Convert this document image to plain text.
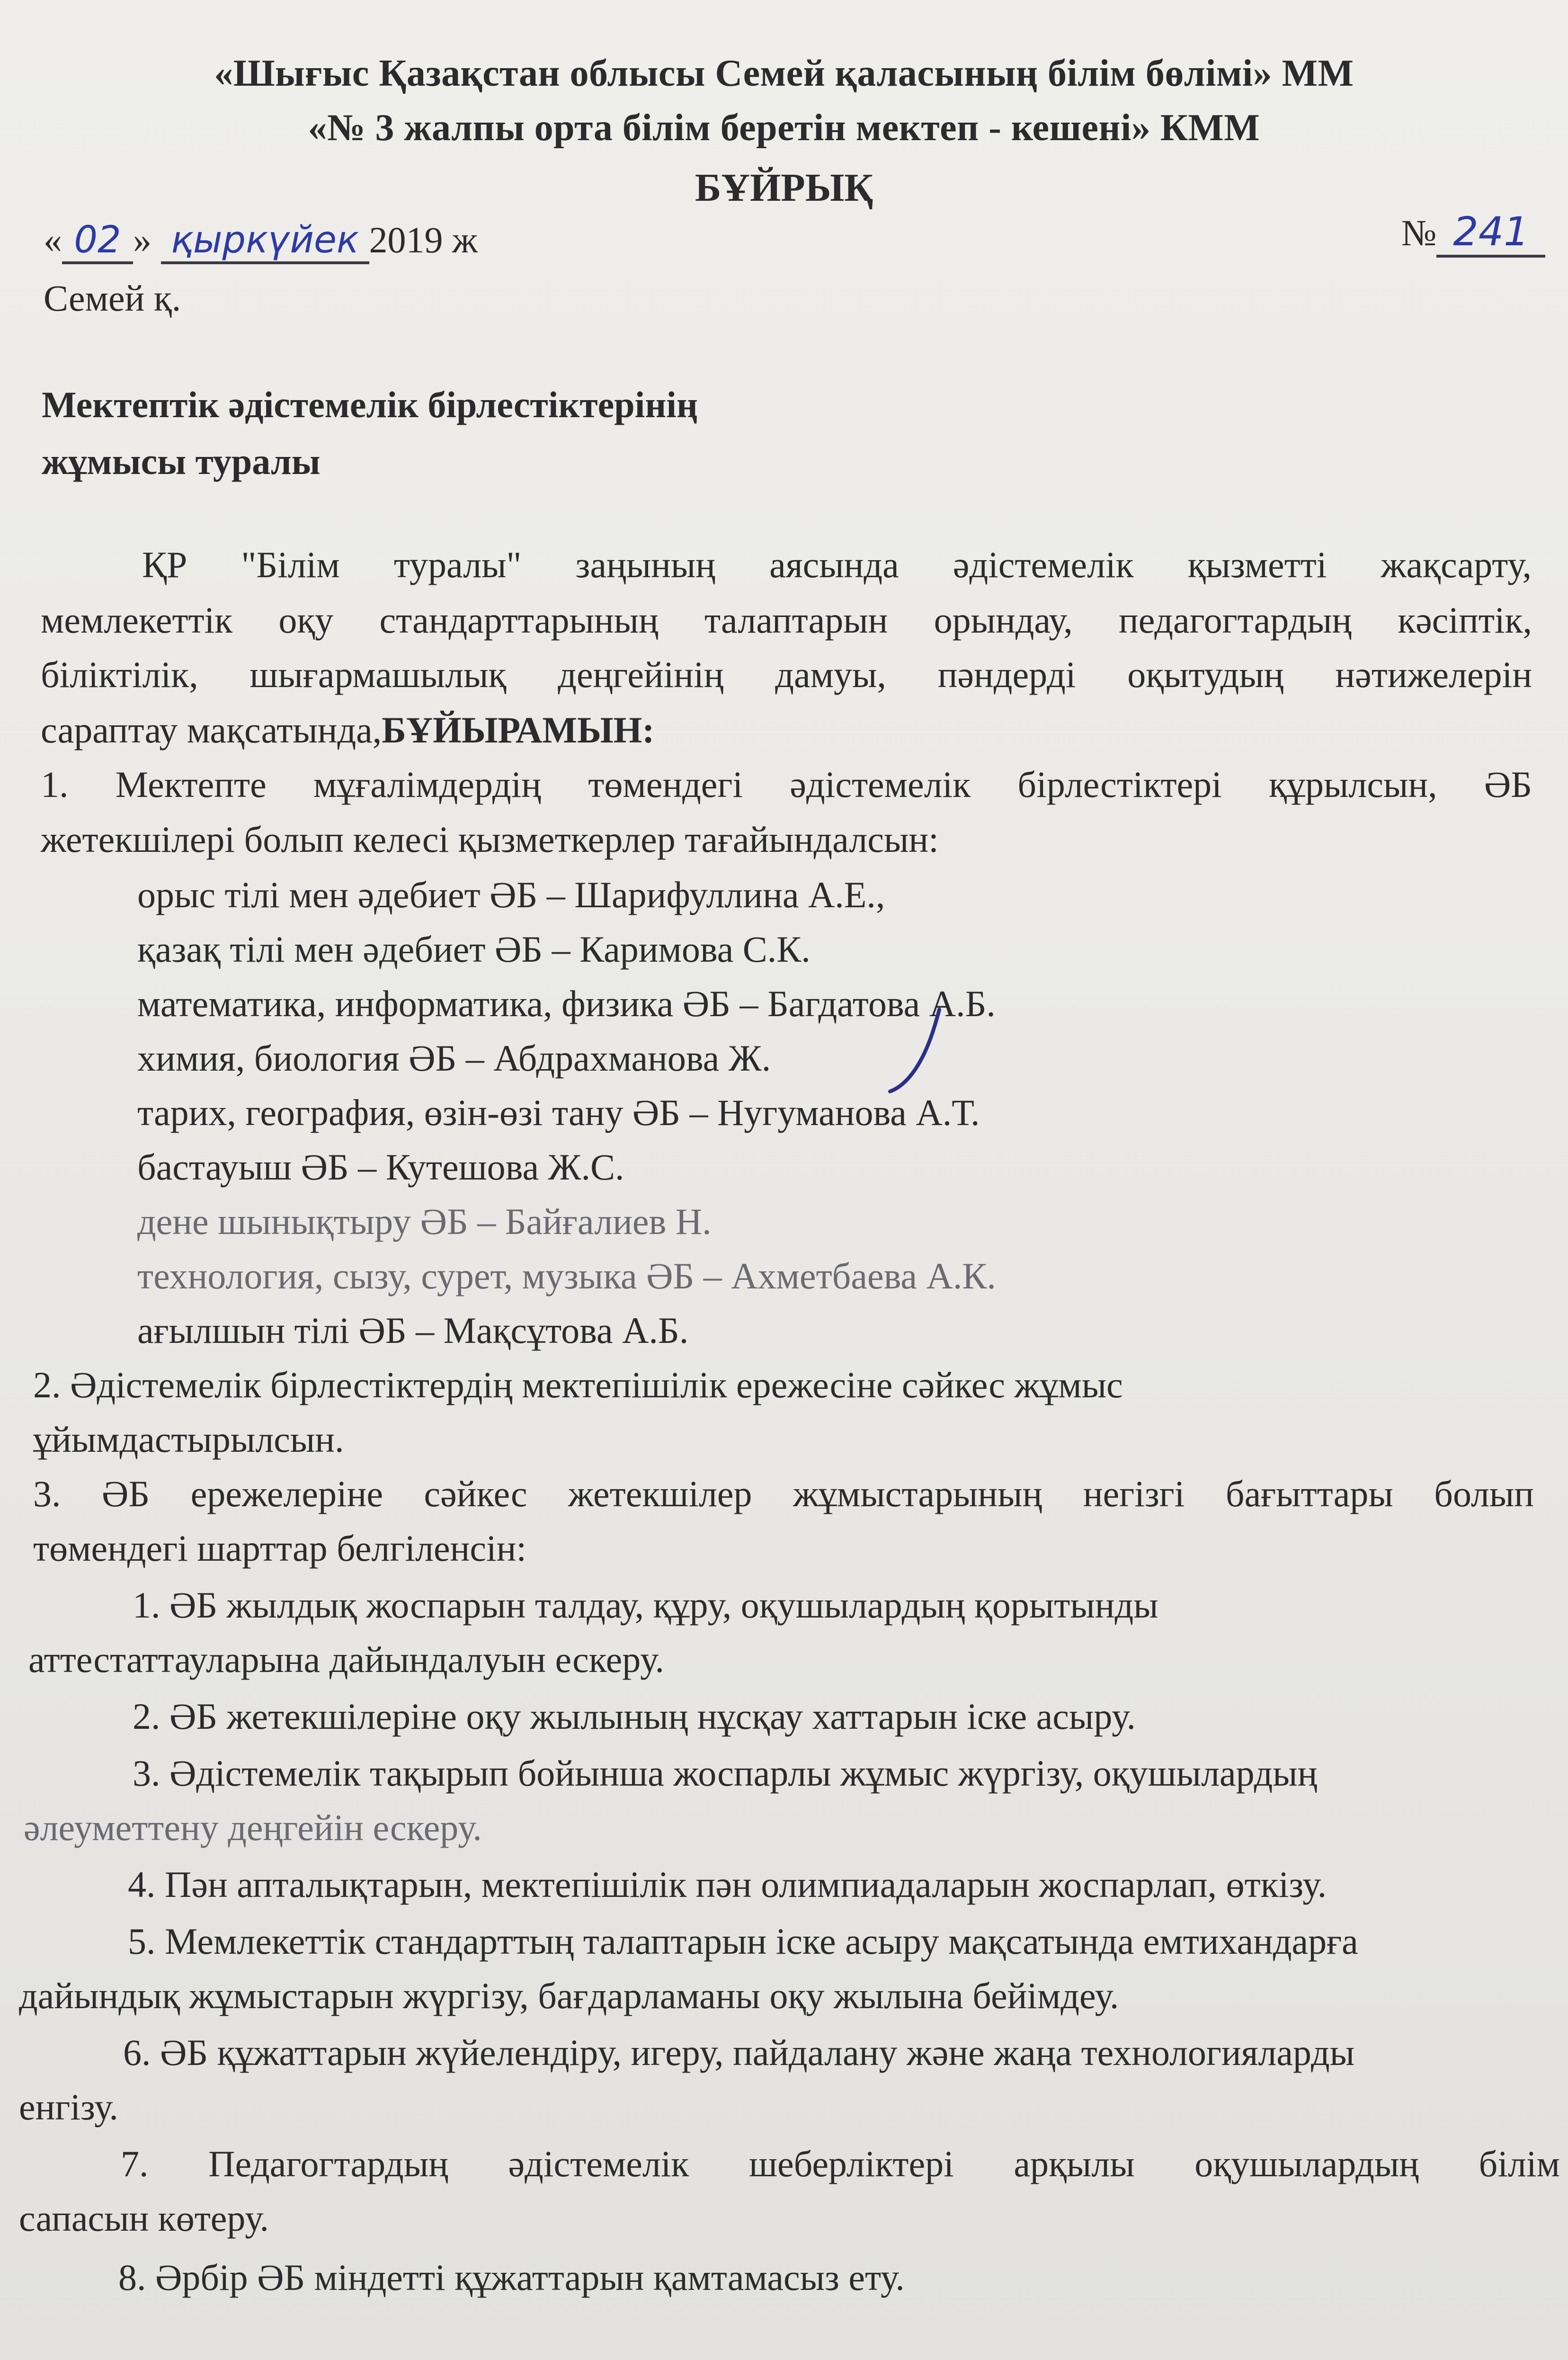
«Шығыс Қазақстан облысы Семей қаласының білім бөлімі» ММ
«№ 3 жалпы орта білім беретін мектеп - кешені» КММ
БҰЙРЫҚ
« 02 » қыркүйек 2019 ж	№ 241
Семей қ.
Мектептік әдістемелік бірлестіктерінің
жұмысы туралы
ҚР "Білім туралы" заңының аясында әдістемелік қызметті жақсарту,
мемлекеттік оқу стандарттарының талаптарын орындау, педагогтардың кәсіптік,
біліктілік, шығармашылық деңгейінің дамуы, пәндерді оқытудың нәтижелерін
сараптау мақсатында,БҰЙЫРАМЫН:
1. Мектепте мұғалімдердің төмендегі әдістемелік бірлестіктері құрылсын, ӘБ
жетекшілері болып келесі қызметкерлер тағайындалсын:
орыс тілі мен әдебиет ӘБ – Шарифуллина А.Е.,
қазақ тілі мен әдебиет ӘБ – Каримова С.К.
математика, информатика, физика ӘБ – Багдатова А.Б.
химия, биология ӘБ – Абдрахманова Ж.
тарих, география, өзін-өзі тану ӘБ – Нугуманова А.Т.
бастауыш ӘБ – Кутешова Ж.С.
дене шынықтыру ӘБ – Байғалиев Н.
технология, сызу, сурет, музыка ӘБ – Ахметбаева А.К.
ағылшын тілі ӘБ – Мақсұтова А.Б.
2. Әдістемелік бірлестіктердің мектепішілік ережесіне сәйкес жұмыс
ұйымдастырылсын.
3. ӘБ ережелеріне сәйкес жетекшілер жұмыстарының негізгі бағыттары болып
төмендегі шарттар белгіленсін:
1. ӘБ жылдық жоспарын талдау, құру, оқушылардың қорытынды
аттестаттауларына дайындалуын ескеру.
2. ӘБ жетекшілеріне оқу жылының нұсқау хаттарын іске асыру.
3. Әдістемелік тақырып бойынша жоспарлы жұмыс жүргізу, оқушылардың
әлеуметтену деңгейін ескеру.
4. Пән апталықтарын, мектепішілік пән олимпиадаларын жоспарлап, өткізу.
5. Мемлекеттік стандарттың талаптарын іске асыру мақсатында емтихандарға
дайындық жұмыстарын жүргізу, бағдарламаны оқу жылына бейімдеу.
6. ӘБ құжаттарын жүйелендіру, игеру, пайдалану және жаңа технологияларды
енгізу.
7. Педагогтардың әдістемелік шеберліктері арқылы оқушылардың білім
сапасын көтеру.
8. Әрбір ӘБ міндетті құжаттарын қамтамасыз ету.
